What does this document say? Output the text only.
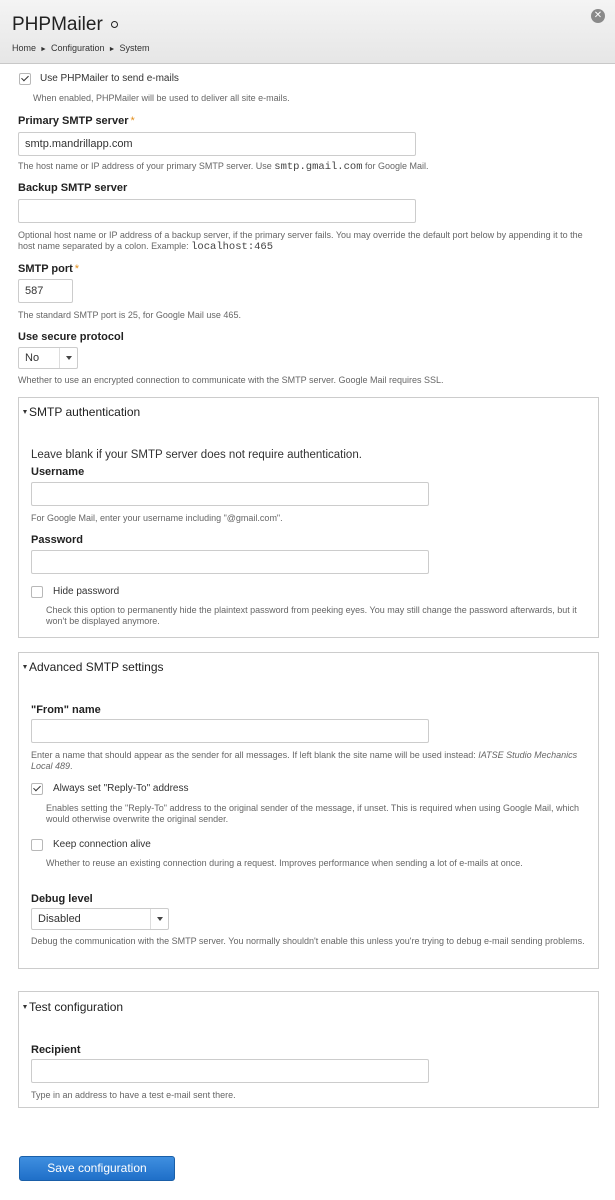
PHPMailer	✕
Home ► Configuration ► System
Use PHPMailer to send e-mails
When enabled, PHPMailer will be used to deliver all site e-mails.
Primary SMTP server *
smtp.mandrillapp.com
The host name or IP address of your primary SMTP server. Use smtp.gmail.com for Google Mail.
Backup SMTP server
Optional host name or IP address of a backup server, if the primary server fails. You may override the default port below by appending it to the host name separated by a colon. Example: localhost:465
SMTP port *
587
The standard SMTP port is 25, for Google Mail use 465.
Use secure protocol
No
Whether to use an encrypted connection to communicate with the SMTP server. Google Mail requires SSL.
SMTP authentication
Leave blank if your SMTP server does not require authentication.
Username
For Google Mail, enter your username including "@gmail.com".
Password
Hide password
Check this option to permanently hide the plaintext password from peeking eyes. You may still change the password afterwards, but it won't be displayed anymore.
Advanced SMTP settings
"From" name
Enter a name that should appear as the sender for all messages. If left blank the site name will be used instead: IATSE Studio Mechanics Local 489.
Always set "Reply-To" address
Enables setting the "Reply-To" address to the original sender of the message, if unset. This is required when using Google Mail, which would otherwise overwrite the original sender.
Keep connection alive
Whether to reuse an existing connection during a request. Improves performance when sending a lot of e-mails at once.
Debug level
Disabled
Debug the communication with the SMTP server. You normally shouldn't enable this unless you're trying to debug e-mail sending problems.
Test configuration
Recipient
Type in an address to have a test e-mail sent there.
Save configuration
